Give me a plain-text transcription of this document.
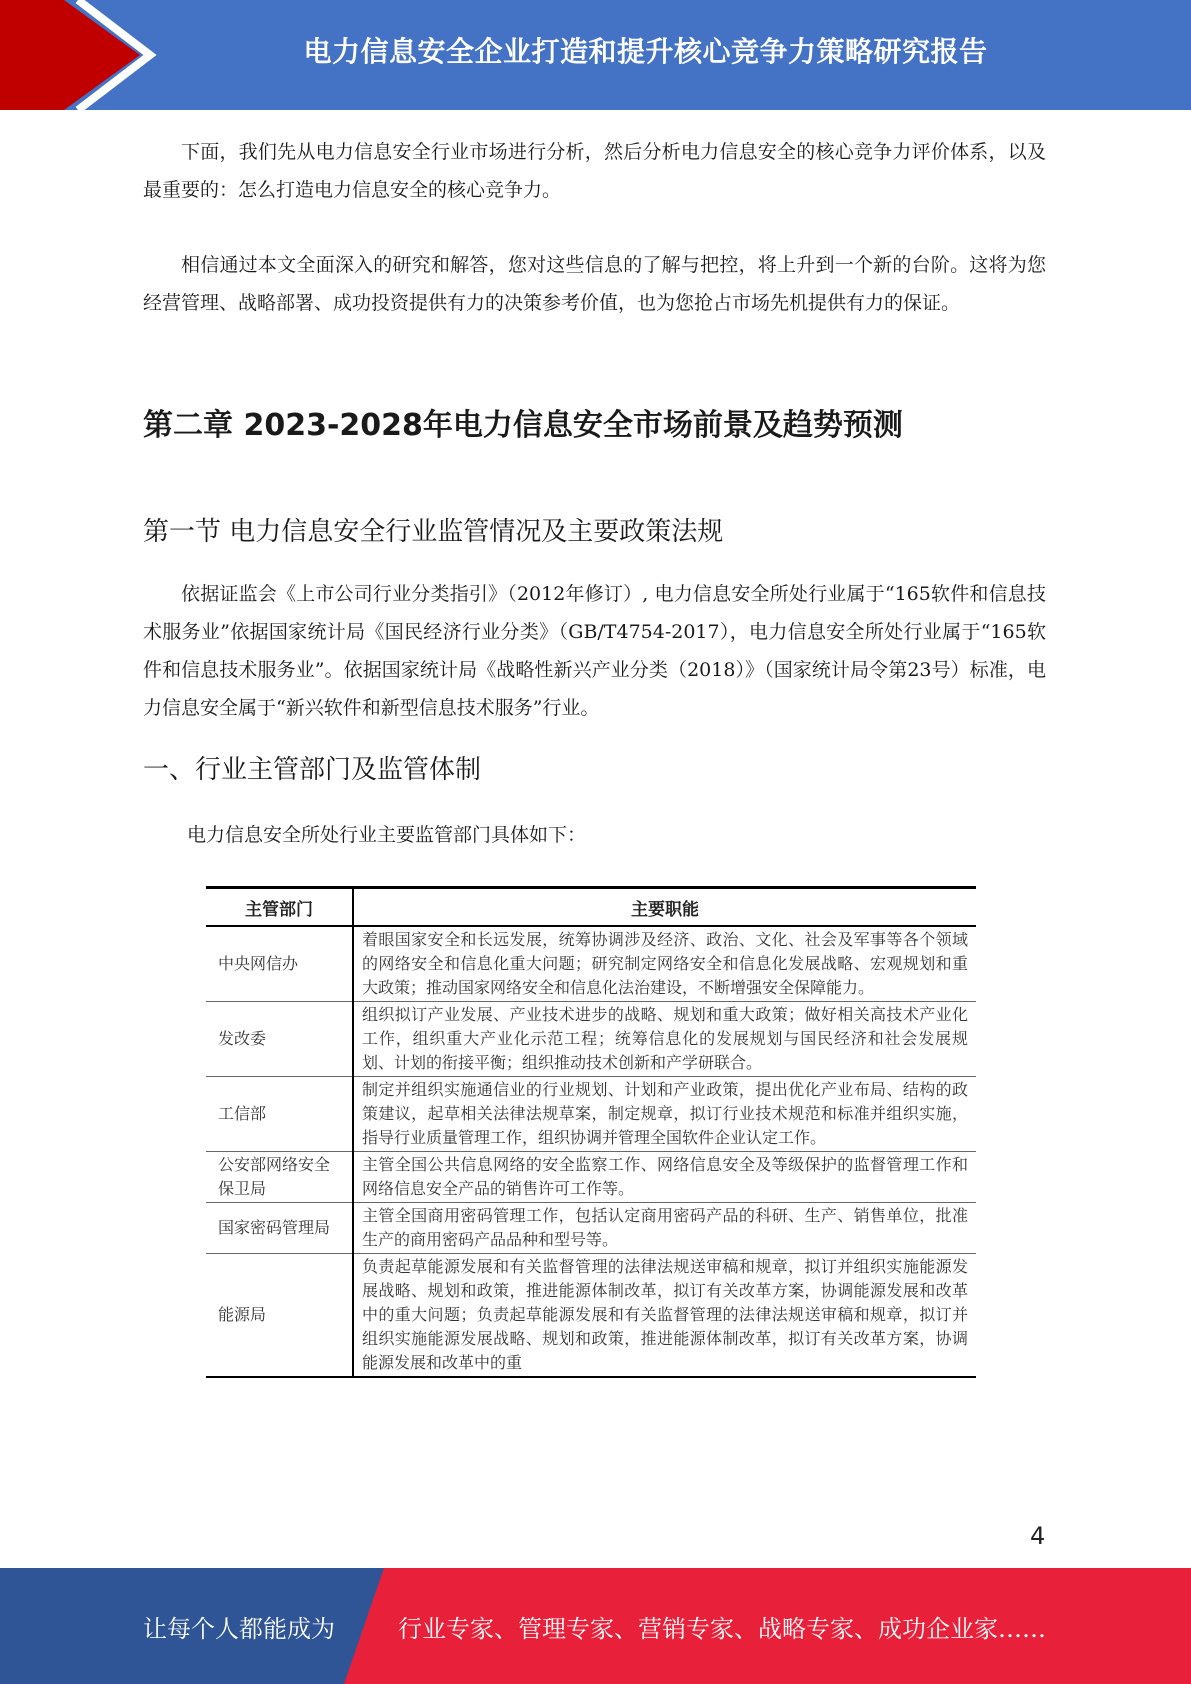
电力信息安全企业打造和提升核心竞争力策略研究报告

下面，我们先从电力信息安全行业市场进行分析，然后分析电力信息安全的核心竞争力评价体系，以及最重要的：怎么打造电力信息安全的核心竞争力。

相信通过本文全面深入的研究和解答，您对这些信息的了解与把控，将上升到一个新的台阶。这将为您经营管理、战略部署、成功投资提供有力的决策参考价值，也为您抢占市场先机提供有力的保证。

第二章 2023-2028年电力信息安全市场前景及趋势预测
第一节 电力信息安全行业监管情况及主要政策法规

依据证监会《上市公司行业分类指引》（2012年修订）, 电力信息安全所处行业属于“165软件和信息技术服务业”依据国家统计局《国民经济行业分类》（GB/T4754-2017），电力信息安全所处行业属于“165软件和信息技术服务业”。依据国家统计局《战略性新兴产业分类（2018）》（国家统计局令第23号）标准，电力信息安全属于“新兴软件和新型信息技术服务”行业。

一、行业主管部门及监管体制
电力信息安全所处行业主要监管部门具体如下：
主管部门	主要职能
中央网信办	着眼国家安全和长远发展，统筹协调涉及经济、政治、文化、社会及军事等各个领域的网络安全和信息化重大问题；研究制定网络安全和信息化发展战略、宏观规划和重大政策；推动国家网络安全和信息化法治建设，不断增强安全保障能力。
发改委	组织拟订产业发展、产业技术进步的战略、规划和重大政策；做好相关高技术产业化工作，组织重大产业化示范工程；统筹信息化的发展规划与国民经济和社会发展规划、计划的衔接平衡；组织推动技术创新和产学研联合。
工信部	制定并组织实施通信业的行业规划、计划和产业政策，提出优化产业布局、结构的政策建议，起草相关法律法规草案，制定规章，拟订行业技术规范和标准并组织实施，指导行业质量管理工作，组织协调并管理全国软件企业认定工作。
公安部网络安全保卫局	主管全国公共信息网络的安全监察工作、网络信息安全及等级保护的监督管理工作和网络信息安全产品的销售许可工作等。
国家密码管理局	主管全国商用密码管理工作，包括认定商用密码产品的科研、生产、销售单位，批准生产的商用密码产品品种和型号等。
能源局	负责起草能源发展和有关监督管理的法律法规送审稿和规章，拟订并组织实施能源发展战略、规划和政策，推进能源体制改革，拟订有关改革方案，协调能源发展和改革中的重大问题；负责起草能源发展和有关监督管理的法律法规送审稿和规章，拟订并组织实施能源发展战略、规划和政策，推进能源体制改革，拟订有关改革方案，协调能源发展和改革中的重
4
让每个人都能成为	行业专家、管理专家、营销专家、战略专家、成功企业家……
